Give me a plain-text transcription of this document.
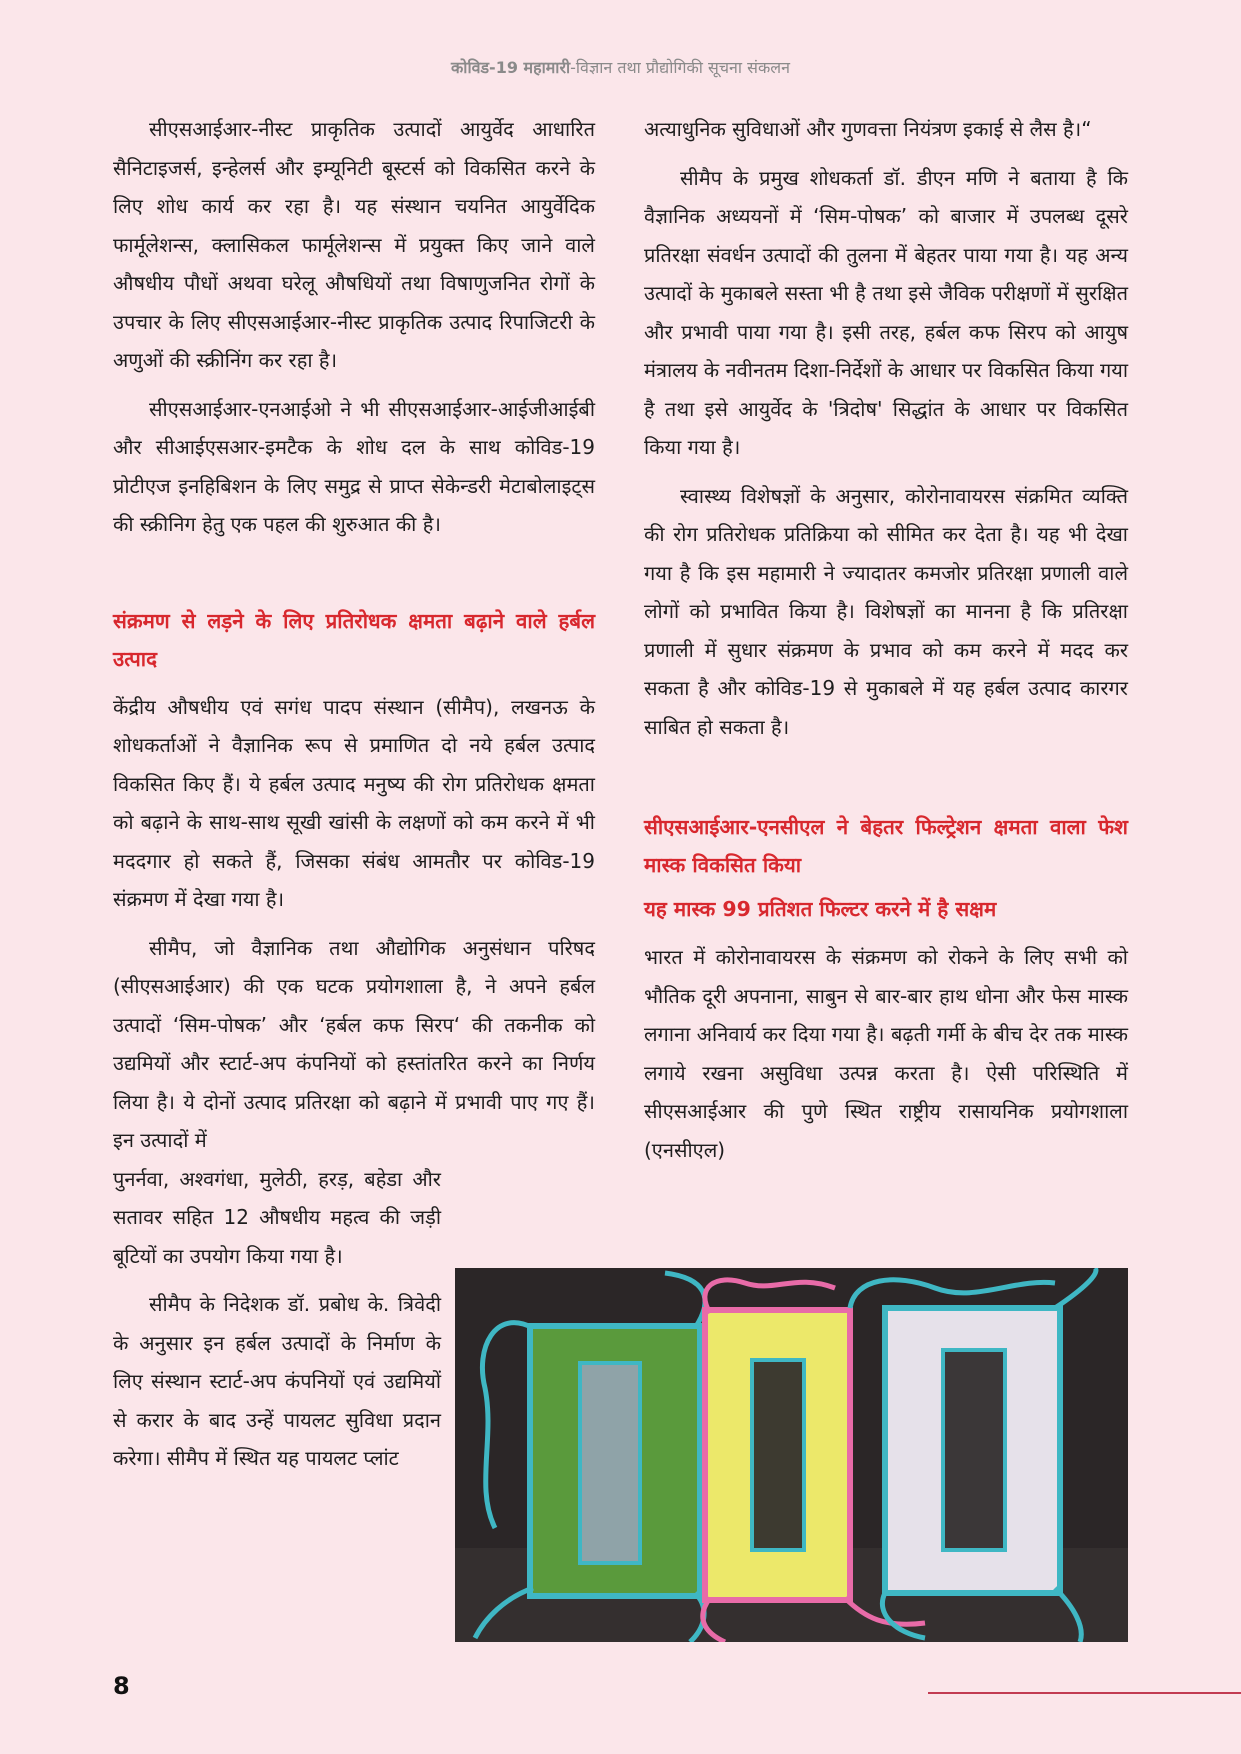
कोविड-19 महामारी-विज्ञान तथा प्रौद्योगिकी सूचना संकलन

सीएसआईआर-नीस्ट प्राकृतिक उत्पादों आयुर्वेद आधारित सैनिटाइजर्स, इन्हेलर्स और इम्यूनिटी बूस्टर्स को विकसित करने के लिए शोध कार्य कर रहा है। यह संस्थान चयनित आयुर्वेदिक फार्मूलेशन्स, क्लासिकल फार्मूलेशन्स में प्रयुक्त किए जाने वाले औषधीय पौधों अथवा घरेलू औषधियों तथा विषाणुजनित रोगों के उपचार के लिए सीएसआईआर-नीस्ट प्राकृतिक उत्पाद रिपाजिटरी के अणुओं की स्क्रीनिंग कर रहा है।

सीएसआईआर-एनआईओ ने भी सीएसआईआर-आईजीआईबी और सीआईएसआर-इमटैक के शोध दल के साथ कोविड-19 प्रोटीएज इनहिबिशन के लिए समुद्र से प्राप्त सेकेन्डरी मेटाबोलाइट्स की स्क्रीनिग हेतु एक पहल की शुरुआत की है।

संक्रमण से लड़ने के लिए प्रतिरोधक क्षमता बढ़ाने वाले हर्बल उत्पाद

केंद्रीय औषधीय एवं सगंध पादप संस्थान (सीमैप), लखनऊ के शोधकर्ताओं ने वैज्ञानिक रूप से प्रमाणित दो नये हर्बल उत्पाद विकसित किए हैं। ये हर्बल उत्पाद मनुष्य की रोग प्रतिरोधक क्षमता को बढ़ाने के साथ-साथ सूखी खांसी के लक्षणों को कम करने में भी मददगार हो सकते हैं, जिसका संबंध आमतौर पर कोविड-19 संक्रमण में देखा गया है।

सीमैप, जो वैज्ञानिक तथा औद्योगिक अनुसंधान परिषद (सीएसआईआर) की एक घटक प्रयोगशाला है, ने अपने हर्बल उत्पादों ‘सिम-पोषक’ और ‘हर्बल कफ सिरप‘ की तकनीक को उद्यमियों और स्टार्ट-अप कंपनियों को हस्तांतरित करने का निर्णय लिया है। ये दोनों उत्पाद प्रतिरक्षा को बढ़ाने में प्रभावी पाए गए हैं। इन उत्पादों में

पुनर्नवा, अश्वगंधा, मुलेठी, हरड़, बहेडा और सतावर सहित 12 औषधीय महत्व की जड़ी बूटियों का उपयोग किया गया है।

सीमैप के निदेशक डॉ. प्रबोध के. त्रिवेदी के अनुसार इन हर्बल उत्पादों के निर्माण के लिए संस्थान स्टार्ट-अप कंपनियों एवं उद्यमियों से करार के बाद उन्हें पायलट सुविधा प्रदान करेगा। सीमैप में स्थित यह पायलट प्लांट

अत्याधुनिक सुविधाओं और गुणवत्ता नियंत्रण इकाई से लैस है।“

सीमैप के प्रमुख शोधकर्ता डॉ. डीएन मणि ने बताया है कि वैज्ञानिक अध्ययनों में ‘सिम-पोषक’ को बाजार में उपलब्ध दूसरे प्रतिरक्षा संवर्धन उत्पादों की तुलना में बेहतर पाया गया है। यह अन्य उत्पादों के मुकाबले सस्ता भी है तथा इसे जैविक परीक्षणों में सुरक्षित और प्रभावी पाया गया है। इसी तरह, हर्बल कफ सिरप को आयुष मंत्रालय के नवीनतम दिशा-निर्देशों के आधार पर विकसित किया गया है तथा इसे आयुर्वेद के 'त्रिदोष' सिद्धांत के आधार पर विकसित किया गया है।

स्वास्थ्य विशेषज्ञों के अनुसार, कोरोनावायरस संक्रमित व्यक्ति की रोग प्रतिरोधक प्रतिक्रिया को सीमित कर देता है। यह भी देखा गया है कि इस महामारी ने ज्यादातर कमजोर प्रतिरक्षा प्रणाली वाले लोगों को प्रभावित किया है। विशेषज्ञों का मानना है कि प्रतिरक्षा प्रणाली में सुधार संक्रमण के प्रभाव को कम करने में मदद कर सकता है और कोविड-19 से मुकाबले में यह हर्बल उत्पाद कारगर साबित हो सकता है।

सीएसआईआर-एनसीएल ने बेहतर फिल्ट्रेशन क्षमता वाला फेश मास्क विकसित किया

यह मास्क 99 प्रतिशत फिल्टर करने में है सक्षम

भारत में कोरोनावायरस के संक्रमण को रोकने के लिए सभी को भौतिक दूरी अपनाना, साबुन से बार-बार हाथ धोना और फेस मास्क लगाना अनिवार्य कर दिया गया है। बढ़ती गर्मी के बीच देर तक मास्क लगाये रखना असुविधा उत्पन्न करता है। ऐसी परिस्थिति में सीएसआईआर की पुणे स्थित राष्ट्रीय रासायनिक प्रयोगशाला (एनसीएल)

8
